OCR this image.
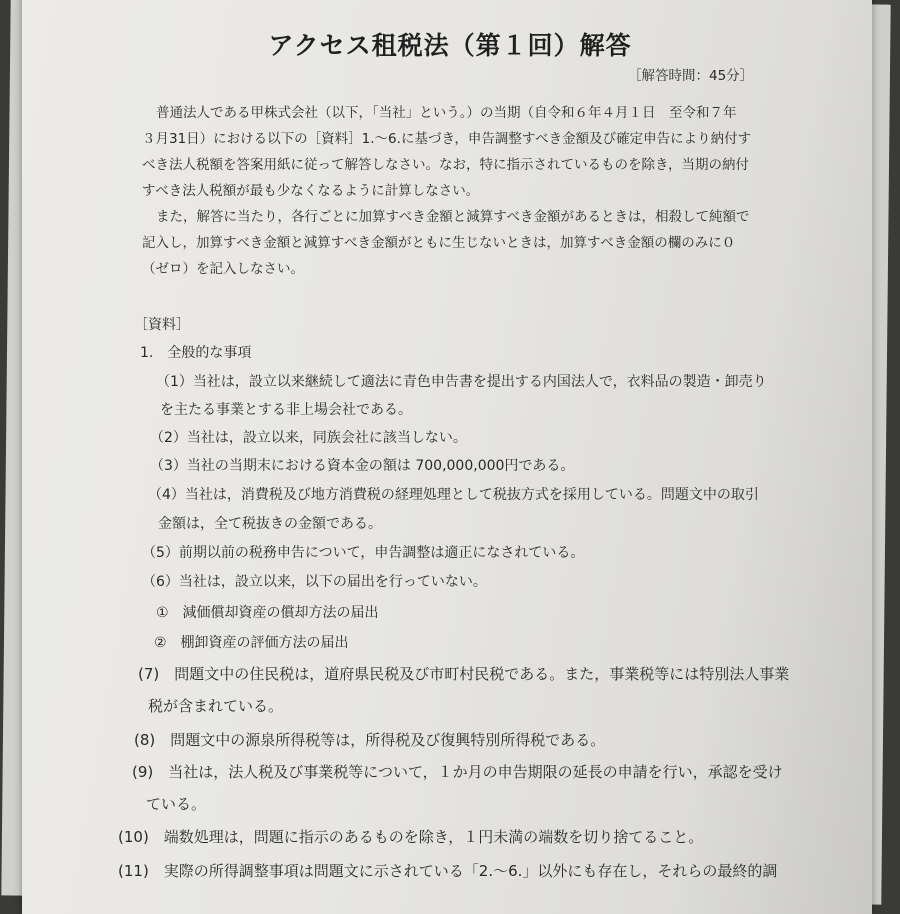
アクセス租税法（第１回）解答
［解答時間：45分］
普通法人である甲株式会社（以下，「当社」という。）の当期（自令和６年４月１日　至令和７年
３月31日）における以下の［資料］1.～6.に基づき，申告調整すべき金額及び確定申告により納付す
べき法人税額を答案用紙に従って解答しなさい。なお，特に指示されているものを除き，当期の納付
すべき法人税額が最も少なくなるように計算しなさい。
また，解答に当たり，各行ごとに加算すべき金額と減算すべき金額があるときは，相殺して純額で
記入し，加算すべき金額と減算すべき金額がともに生じないときは，加算すべき金額の欄のみに０
（ゼロ）を記入しなさい。
［資料］
1.　全般的な事項
（1）当社は，設立以来継続して適法に青色申告書を提出する内国法人で，衣料品の製造・卸売り
を主たる事業とする非上場会社である。
（2）当社は，設立以来，同族会社に該当しない。
（3）当社の当期末における資本金の額は 700,000,000円である。
（4）当社は，消費税及び地方消費税の経理処理として税抜方式を採用している。問題文中の取引
金額は，全て税抜きの金額である。
（5）前期以前の税務申告について，申告調整は適正になされている。
（6）当社は，設立以来，以下の届出を行っていない。
①　減価償却資産の償却方法の届出
②　棚卸資産の評価方法の届出
(7)　問題文中の住民税は，道府県民税及び市町村民税である。また，事業税等には特別法人事業
税が含まれている。
(8)　問題文中の源泉所得税等は，所得税及び復興特別所得税である。
(9)　当社は，法人税及び事業税等について，１か月の申告期限の延長の申請を行い，承認を受け
ている。
(10)　端数処理は，問題に指示のあるものを除き，１円未満の端数を切り捨てること。
(11)　実際の所得調整事項は問題文に示されている「2.～6.」以外にも存在し，それらの最終的調
